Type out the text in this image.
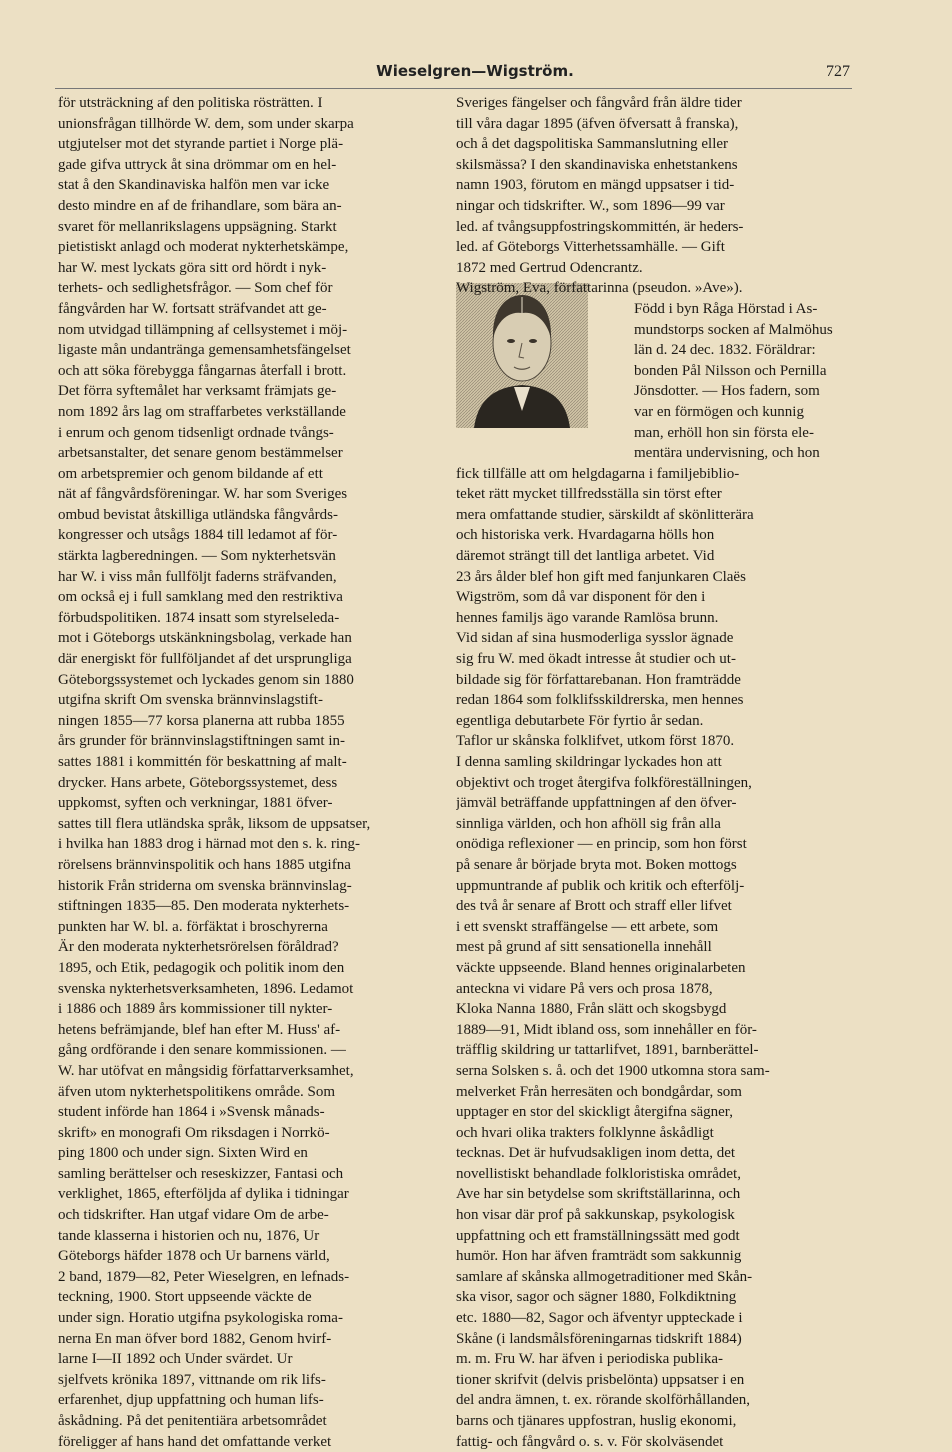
Wieselgren—Wigström.	727
för utsträckning af den politiska rösträtten. I
unionsfrågan tillhörde W. dem, som under skarpa
utgjutelser mot det styrande partiet i Norge plä-
gade gifva uttryck åt sina drömmar om en hel-
stat å den Skandinaviska halfön men var icke
desto mindre en af de frihandlare, som bära an-
svaret för mellanrikslagens uppsägning. Starkt
pietistiskt anlagd och moderat nykterhetskämpe,
har W. mest lyckats göra sitt ord hördt i nyk-
terhets- och sedlighetsfrågor. — Som chef för
fångvården har W. fortsatt sträfvandet att ge-
nom utvidgad tillämpning af cellsystemet i möj-
ligaste mån undantränga gemensamhetsfängelset
och att söka förebygga fångarnas återfall i brott.
Det förra syftemålet har verksamt främjats ge-
nom 1892 års lag om straffarbetes verkställande
i enrum och genom tidsenligt ordnade tvångs-
arbetsanstalter, det senare genom bestämmelser
om arbetspremier och genom bildande af ett
nät af fångvårdsföreningar. W. har som Sveriges
ombud bevistat åtskilliga utländska fångvårds-
kongresser och utsågs 1884 till ledamot af för-
stärkta lagberedningen. — Som nykterhetsvän
har W. i viss mån fullföljt faderns sträfvanden,
om också ej i full samklang med den restriktiva
förbudspolitiken. 1874 insatt som styrelseleda-
mot i Göteborgs utskänkningsbolag, verkade han
där energiskt för fullföljandet af det ursprungliga
Göteborgssystemet och lyckades genom sin 1880
utgifna skrift Om svenska brännvinslagstift-
ningen 1855—77 korsa planerna att rubba 1855
års grunder för brännvinslagstiftningen samt in-
sattes 1881 i kommittén för beskattning af malt-
drycker. Hans arbete, Göteborgssystemet, dess
uppkomst, syften och verkningar, 1881 öfver-
sattes till flera utländska språk, liksom de uppsatser,
i hvilka han 1883 drog i härnad mot den s. k. ring-
rörelsens brännvinspolitik och hans 1885 utgifna
historik Från striderna om svenska brännvinslag-
stiftningen 1835—85. Den moderata nykterhets-
punkten har W. bl. a. förfäktat i broschyrerna
Är den moderata nykterhetsrörelsen föråldrad?
1895, och Etik, pedagogik och politik inom den
svenska nykterhetsverksamheten, 1896. Ledamot
i 1886 och 1889 års kommissioner till nykter-
hetens befrämjande, blef han efter M. Huss' af-
gång ordförande i den senare kommissionen. —
W. har utöfvat en mångsidig författarverksamhet,
äfven utom nykterhetspolitikens område. Som
student införde han 1864 i »Svensk månads-
skrift» en monografi Om riksdagen i Norrkö-
ping 1800 och under sign. Sixten Wird en
samling berättelser och reseskizzer, Fantasi och
verklighet, 1865, efterföljda af dylika i tidningar
och tidskrifter. Han utgaf vidare Om de arbe-
tande klasserna i historien och nu, 1876, Ur
Göteborgs häfder 1878 och Ur barnens värld,
2 band, 1879—82, Peter Wieselgren, en lefnads-
teckning, 1900. Stort uppseende väckte de
under sign. Horatio utgifna psykologiska roma-
nerna En man öfver bord 1882, Genom hvirf-
larne I—II 1892 och Under svärdet. Ur
sjelfvets krönika 1897, vittnande om rik lifs-
erfarenhet, djup uppfattning och human lifs-
åskådning. På det penitentiära arbetsområdet
föreligger af hans hand det omfattande verket
Sveriges fängelser och fångvård från äldre tider
till våra dagar 1895 (äfven öfversatt å franska),
och å det dagspolitiska Sammanslutning eller
skilsmässa? I den skandinaviska enhetstankens
namn 1903, förutom en mängd uppsatser i tid-
ningar och tidskrifter. W., som 1896—99 var
led. af tvångsuppfostringskommittén, är heders-
led. af Göteborgs Vitterhetssamhälle. — Gift
1872 med Gertrud Odencrantz.
Wigström, Eva, författarinna (pseudon. »Ave»).
Född i byn Råga Hörstad i As-
mundstorps socken af Malmöhus
län d. 24 dec. 1832. Föräldrar:
bonden Pål Nilsson och Pernilla
Jönsdotter. — Hos fadern, som
var en förmögen och kunnig
man, erhöll hon sin första ele-
mentära undervisning, och hon
fick tillfälle att om helgdagarna i familjebiblio-
teket rätt mycket tillfredsställa sin törst efter
mera omfattande studier, särskildt af skönlitterära
och historiska verk. Hvardagarna hölls hon
däremot strängt till det lantliga arbetet. Vid
23 års ålder blef hon gift med fanjunkaren Claës
Wigström, som då var disponent för den i
hennes familjs ägo varande Ramlösa brunn.
Vid sidan af sina husmoderliga sysslor ägnade
sig fru W. med ökadt intresse åt studier och ut-
bildade sig för författarebanan. Hon framträdde
redan 1864 som folklifsskildrerska, men hennes
egentliga debutarbete För fyrtio år sedan.
Taflor ur skånska folklifvet, utkom först 1870.
I denna samling skildringar lyckades hon att
objektivt och troget återgifva folkföreställningen,
jämväl beträffande uppfattningen af den öfver-
sinnliga världen, och hon afhöll sig från alla
onödiga reflexioner — en princip, som hon först
på senare år började bryta mot. Boken mottogs
uppmuntrande af publik och kritik och efterfölj-
des två år senare af Brott och straff eller lifvet
i ett svenskt straffängelse — ett arbete, som
mest på grund af sitt sensationella innehåll
väckte uppseende. Bland hennes originalarbeten
anteckna vi vidare På vers och prosa 1878,
Kloka Nanna 1880, Från slätt och skogsbygd
1889—91, Midt ibland oss, som innehåller en för-
träfflig skildring ur tattarlifvet, 1891, barnberättel-
serna Solsken s. å. och det 1900 utkomna stora sam-
melverket Från herresäten och bondgårdar, som
upptager en stor del skickligt återgifna sägner,
och hvari olika trakters folklynne åskådligt
tecknas. Det är hufvudsakligen inom detta, det
novellistiskt behandlade folkloristiska området,
Ave har sin betydelse som skriftställarinna, och
hon visar där prof på sakkunskap, psykologisk
uppfattning och ett framställningssätt med godt
humör. Hon har äfven framträdt som sakkunnig
samlare af skånska allmogetraditioner med Skån-
ska visor, sagor och sägner 1880, Folkdiktning
etc. 1880—82, Sagor och äfventyr uppteckade i
Skåne (i landsmålsföreningarnas tidskrift 1884)
m. m. Fru W. har äfven i periodiska publika-
tioner skrifvit (delvis prisbelönta) uppsatser i en
del andra ämnen, t. ex. rörande skolförhållanden,
barns och tjänares uppfostran, huslig ekonomi,
fattig- och fångvård o. s. v. För skolväsendet
